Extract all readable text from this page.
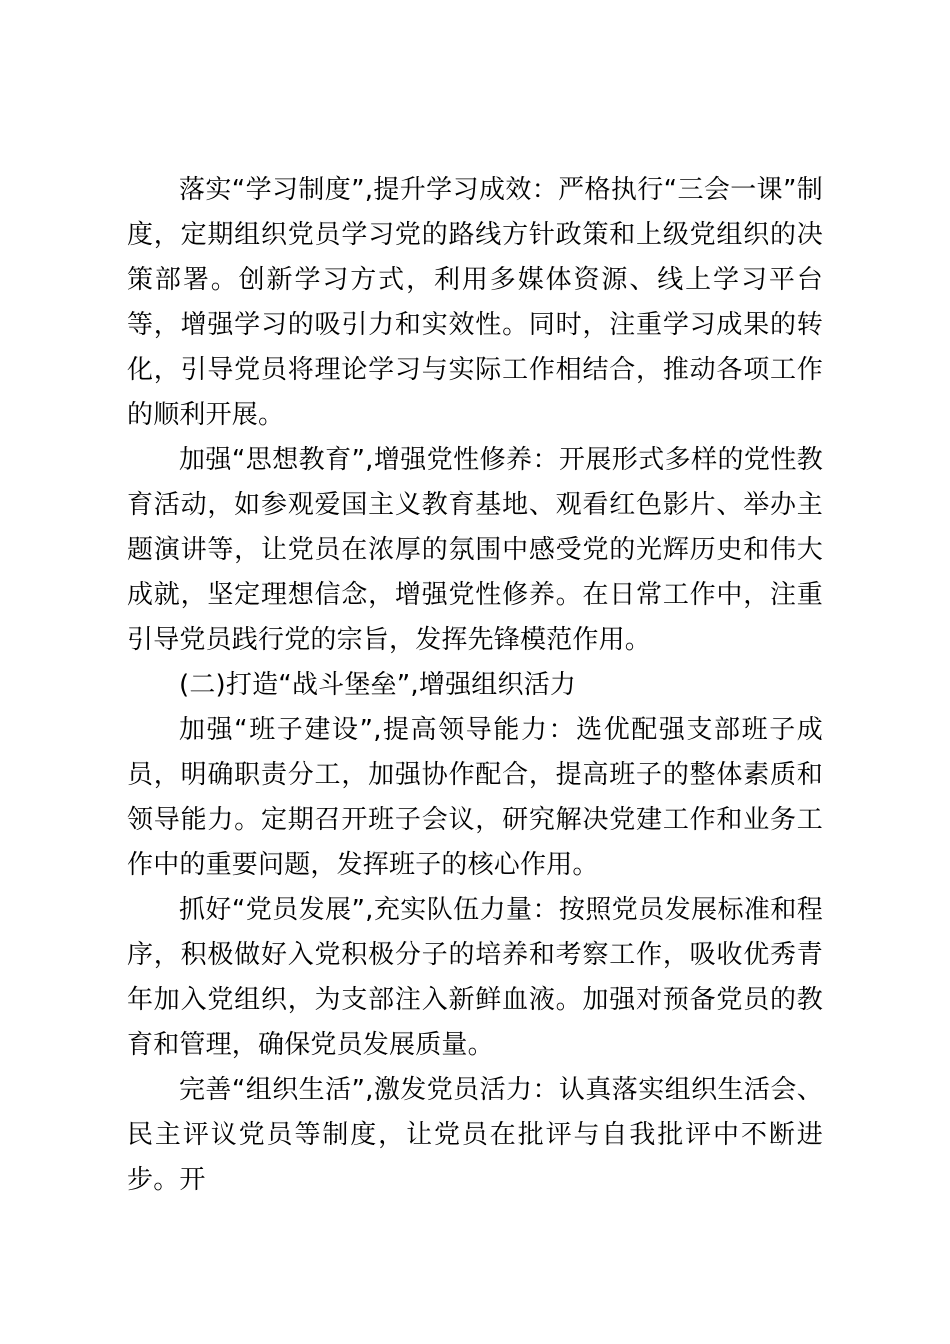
落实“学习制度”,提升学习成效：严格执行“三会一课”制度，定期组织党员学习党的路线方针政策和上级党组织的决策部署。创新学习方式，利用多媒体资源、线上学习平台等，增强学习的吸引力和实效性。同时，注重学习成果的转化，引导党员将理论学习与实际工作相结合，推动各项工作的顺利开展。

加强“思想教育”,增强党性修养：开展形式多样的党性教育活动，如参观爱国主义教育基地、观看红色影片、举办主题演讲等，让党员在浓厚的氛围中感受党的光辉历史和伟大成就，坚定理想信念，增强党性修养。在日常工作中，注重引导党员践行党的宗旨，发挥先锋模范作用。

(二)打造“战斗堡垒”,增强组织活力

加强“班子建设”,提高领导能力：选优配强支部班子成员，明确职责分工，加强协作配合，提高班子的整体素质和领导能力。定期召开班子会议，研究解决党建工作和业务工作中的重要问题，发挥班子的核心作用。

抓好“党员发展”,充实队伍力量：按照党员发展标准和程序，积极做好入党积极分子的培养和考察工作，吸收优秀青年加入党组织，为支部注入新鲜血液。加强对预备党员的教育和管理，确保党员发展质量。

完善“组织生活”,激发党员活力：认真落实组织生活会、民主评议党员等制度，让党员在批评与自我批评中不断进步。开
